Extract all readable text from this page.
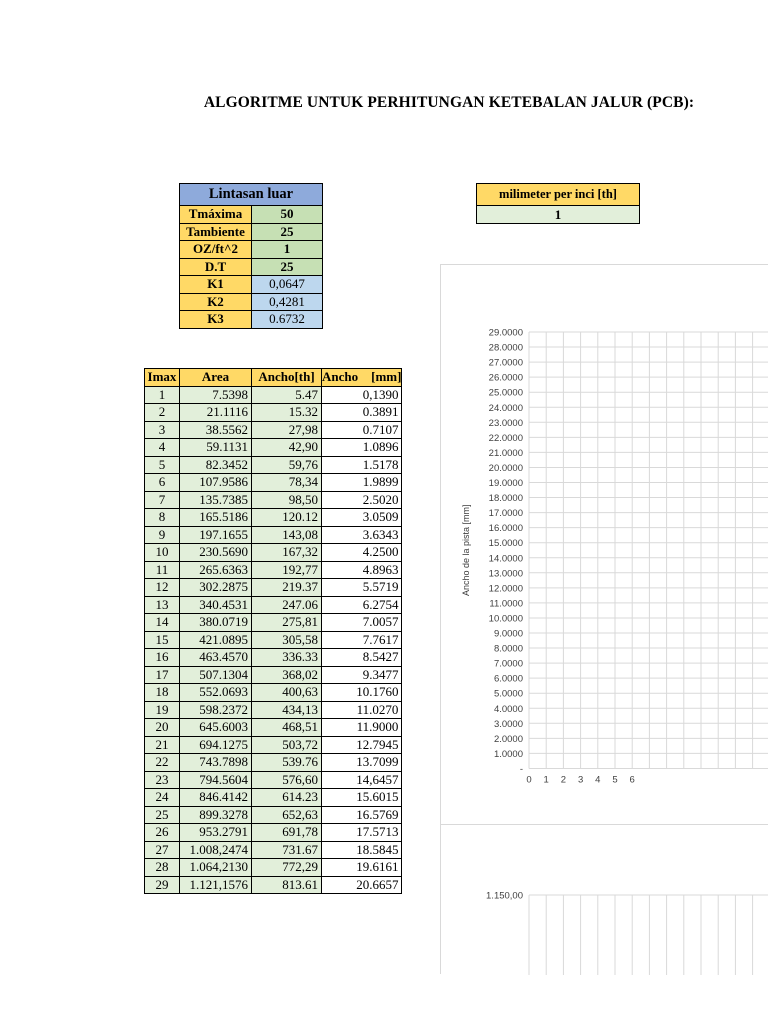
ALGORITME UNTUK PERHITUNGAN KETEBALAN JALUR (PCB):
Lintasan luar	
Tmáxima	50
Tambiente	25
OZ/ft^2	1
D.T	25
K1	0,0647
K2	0,4281
K3	0.6732
milimeter per inci [th]
1
Imax	Area	Ancho[th]	Ancho    [mm]
1	7.5398	5.47	0,1390
2	21.1116	15.32	0.3891
3	38.5562	27,98	0.7107
4	59.1131	42,90	1.0896
5	82.3452	59,76	1.5178
6	107.9586	78,34	1.9899
7	135.7385	98,50	2.5020
8	165.5186	120.12	3.0509
9	197.1655	143,08	3.6343
10	230.5690	167,32	4.2500
11	265.6363	192,77	4.8963
12	302.2875	219.37	5.5719
13	340.4531	247.06	6.2754
14	380.0719	275,81	7.0057
15	421.0895	305,58	7.7617
16	463.4570	336.33	8.5427
17	507.1304	368,02	9.3477
18	552.0693	400,63	10.1760
19	598.2372	434,13	11.0270
20	645.6003	468,51	11.9000
21	694.1275	503,72	12.7945
22	743.7898	539.76	13.7099
23	794.5604	576,60	14,6457
24	846.4142	614.23	15.6015
25	899.3278	652,63	16.5769
26	953.2791	691,78	17.5713
27	1.008,2474	731.67	18.5845
28	1.064,2130	772,29	19.6161
29	1.121,1576	813.61	20.6657
29.0000
28.0000
27.0000
26.0000
25.0000
24.0000
23.0000
22.0000
21.0000
20.0000
19.0000
18.0000
17.0000
16.0000
15.0000
14.0000
13.0000
12.0000
11.0000
10.0000
9.0000
8.0000
7.0000
6.0000
5.0000
4.0000
3.0000
2.0000
1.0000
-
0 1 2 3 4 5 6
Ancho de la pista [mm]
1.150,00
